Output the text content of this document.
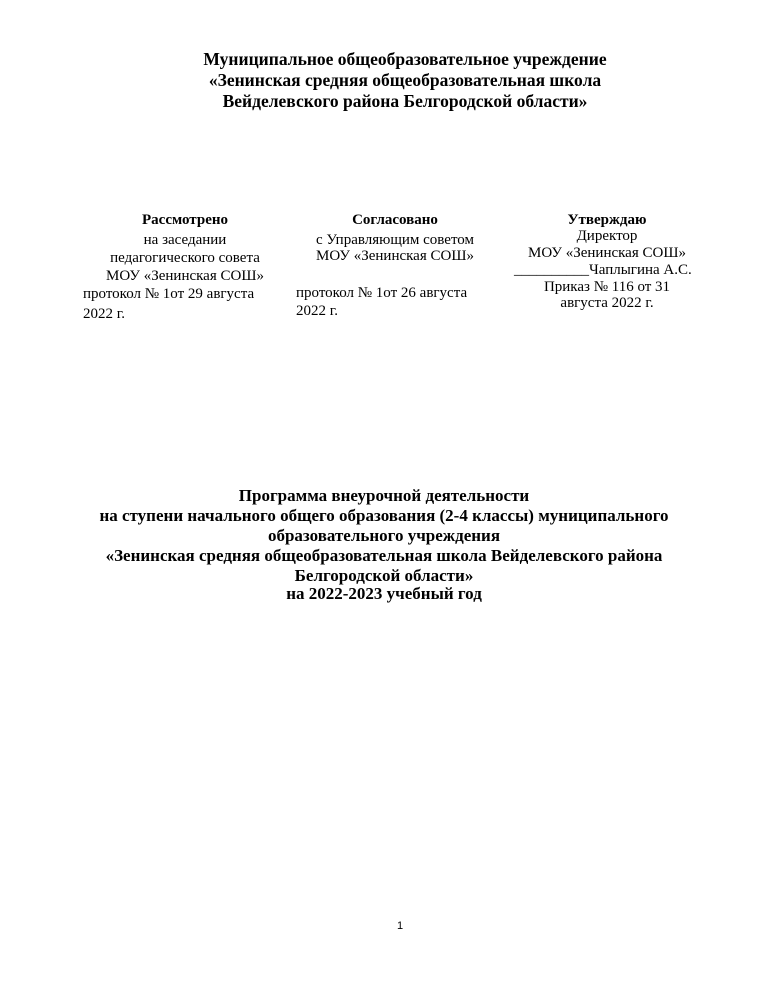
Муниципальное общеобразовательное учреждение
«Зенинская средняя общеобразовательная школа
Вейделевского района Белгородской области»
Рассмотрено
на заседании
педагогического совета
МОУ «Зенинская СОШ»
протокол № 1от 29 августа
2022 г.
Согласовано
с Управляющим советом
МОУ «Зенинская СОШ»
протокол № 1от 26 августа
2022 г.
Утверждаю
Директор
МОУ «Зенинская СОШ»
__________Чаплыгина А.С.
Приказ № 116 от 31
августа 2022 г.
Программа внеурочной деятельности
на ступени начального общего образования (2-4 классы) муниципального
образовательного учреждения
«Зенинская средняя общеобразовательная школа Вейделевского района
Белгородской области»
на 2022-2023 учебный год
1
